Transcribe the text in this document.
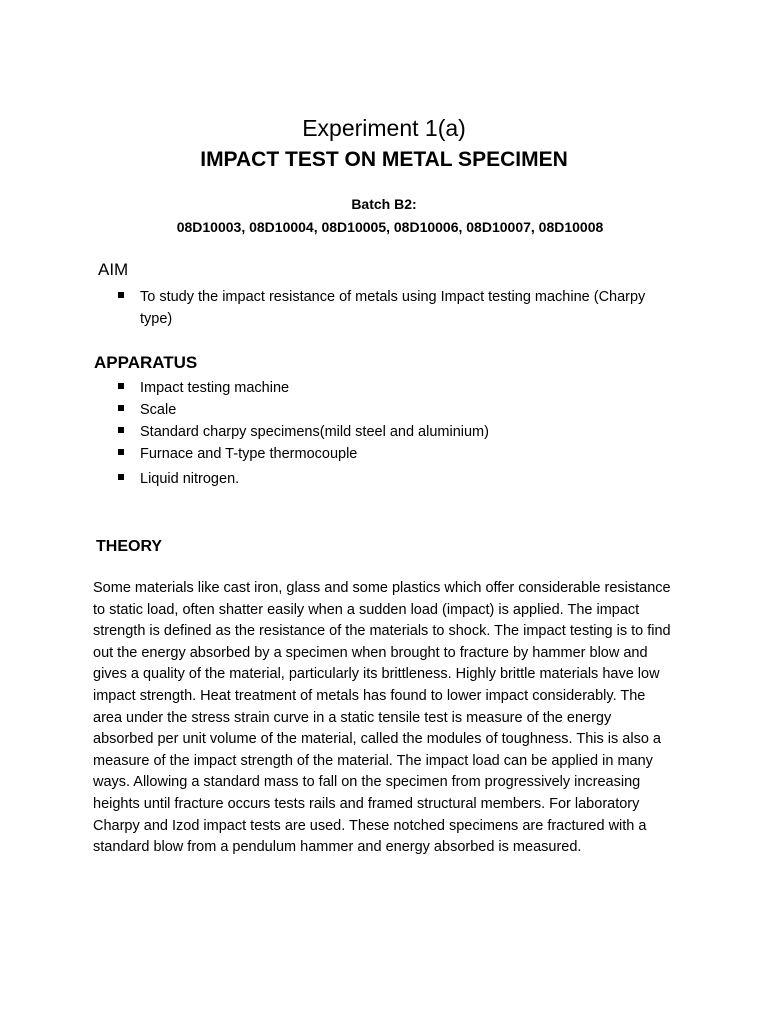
Experiment 1(a)
IMPACT TEST ON METAL SPECIMEN
Batch B2:
08D10003, 08D10004, 08D10005, 08D10006, 08D10007, 08D10008
AIM
To study the impact resistance of metals using Impact testing machine (Charpy type)
APPARATUS
Impact testing machine
Scale
Standard charpy specimens(mild steel and aluminium)
Furnace and T-type thermocouple
Liquid nitrogen.
THEORY

Some materials like cast iron, glass and some plastics which offer considerable resistance to static load, often shatter easily when a sudden load (impact) is applied. The impact strength is defined as the resistance of the materials to shock. The impact testing is to find out the energy absorbed by a specimen when brought to fracture by hammer blow and gives a quality of the material, particularly its brittleness. Highly brittle materials have low impact strength. Heat treatment of metals has found to lower impact considerably. The area under the stress strain curve in a static tensile test is measure of the energy absorbed per unit volume of the material, called the modules of toughness. This is also a measure of the impact strength of the material. The impact load can be applied in many ways. Allowing a standard mass to fall on the specimen from progressively increasing heights until fracture occurs tests rails and framed structural members. For laboratory Charpy and Izod impact tests are used. These notched specimens are fractured with a standard blow from a pendulum hammer and energy absorbed is measured.
